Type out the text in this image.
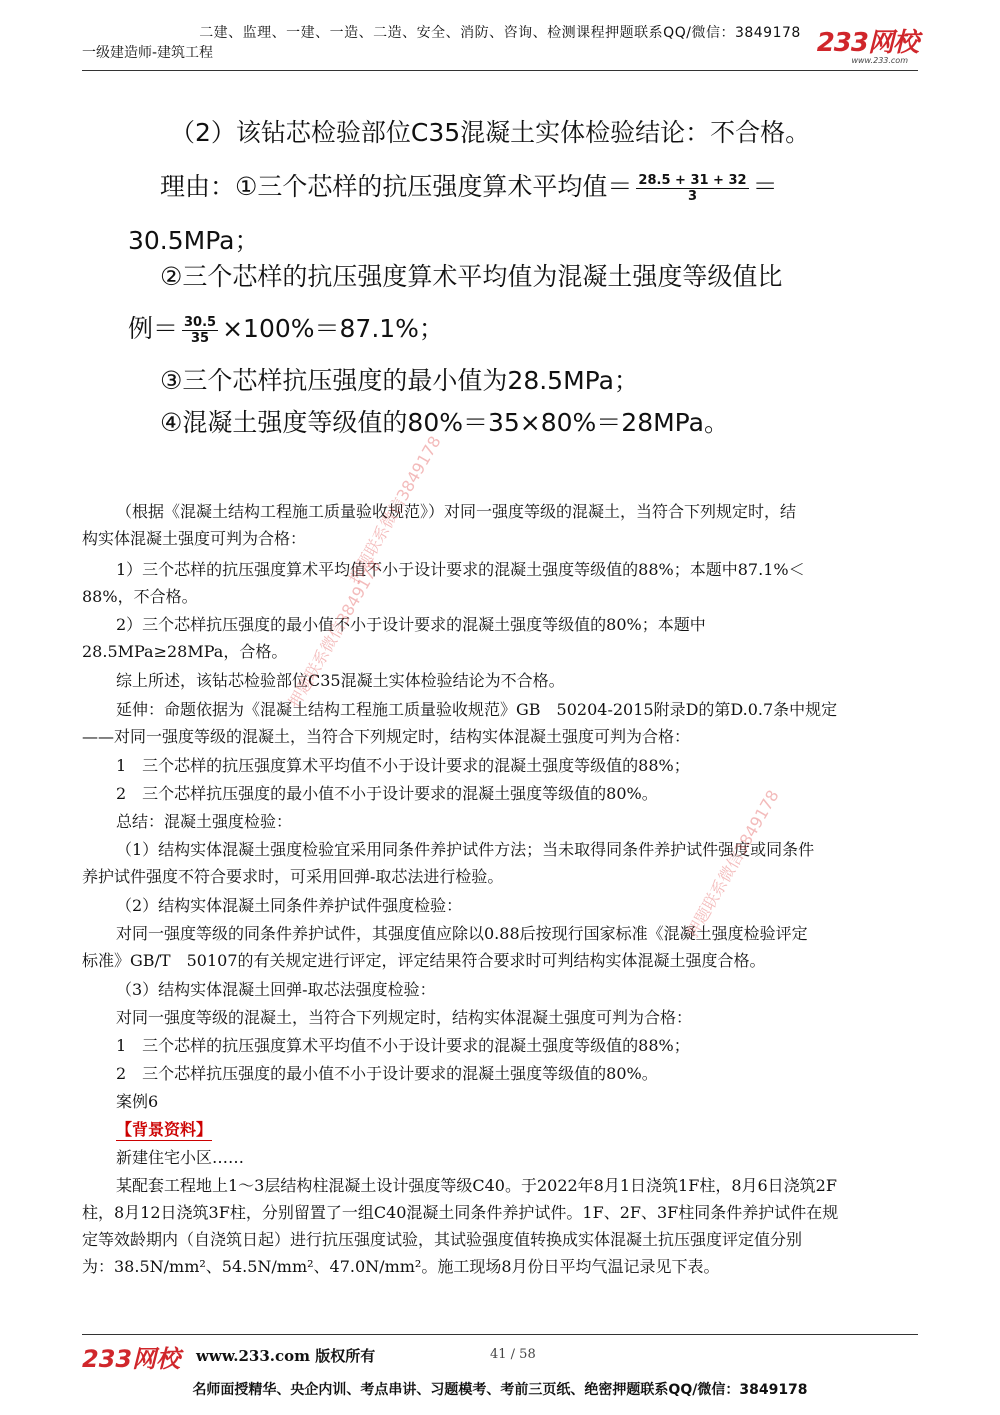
二建、监理、一建、一造、二造、安全、消防、咨询、检测课程押题联系QQ/微信：3849178
一级建造师-建筑工程	233网校
www.233.com
（2）该钻芯检验部位C35混凝土实体检验结论：不合格。
理由：①三个芯样的抗压强度算术平均值＝ $\frac{28.5 + 31 + 32}{3}$ ＝
30.5MPa；
②三个芯样的抗压强度算术平均值为混凝土强度等级值比
例＝ $\frac{30.5}{35} \times 100\%=87.1\%$；
③三个芯样抗压强度的最小值为28.5MPa；
④混凝土强度等级值的80%＝35×80%＝28MPa。
（根据《混凝土结构工程施工质量验收规范》）对同一强度等级的混凝土，当符合下列规定时，结
构实体混凝土强度可判为合格：
1）三个芯样的抗压强度算术平均值不小于设计要求的混凝土强度等级值的88%；本题中87.1%＜
88%，不合格。
2）三个芯样抗压强度的最小值不小于设计要求的混凝土强度等级值的80%；本题中
28.5MPa≥28MPa，合格。
综上所述，该钻芯检验部位C35混凝土实体检验结论为不合格。
延伸：命题依据为《混凝土结构工程施工质量验收规范》GB　50204-2015附录D的第D.0.7条中规定
——对同一强度等级的混凝土，当符合下列规定时，结构实体混凝土强度可判为合格：
1　三个芯样的抗压强度算术平均值不小于设计要求的混凝土强度等级值的88%；
2　三个芯样抗压强度的最小值不小于设计要求的混凝土强度等级值的80%。
总结：混凝土强度检验：
（1）结构实体混凝土强度检验宜采用同条件养护试件方法；当未取得同条件养护试件强度或同条件
养护试件强度不符合要求时，可采用回弹-取芯法进行检验。
（2）结构实体混凝土同条件养护试件强度检验：
对同一强度等级的同条件养护试件，其强度值应除以0.88后按现行国家标准《混凝土强度检验评定
标准》GB/T　50107的有关规定进行评定，评定结果符合要求时可判结构实体混凝土强度合格。
（3）结构实体混凝土回弹-取芯法强度检验：
对同一强度等级的混凝土，当符合下列规定时，结构实体混凝土强度可判为合格：
1　三个芯样的抗压强度算术平均值不小于设计要求的混凝土强度等级值的88%；
2　三个芯样抗压强度的最小值不小于设计要求的混凝土强度等级值的80%。
案例6
【背景资料】
新建住宅小区……
某配套工程地上1～3层结构柱混凝土设计强度等级C40。于2022年8月1日浇筑1F柱，8月6日浇筑2F
柱，8月12日浇筑3F柱，分别留置了一组C40混凝土同条件养护试件。1F、2F、3F柱同条件养护试件在规
定等效龄期内（自浇筑日起）进行抗压强度试验，其试验强度值转换成实体混凝土抗压强度评定值分别
为：38.5N/mm²、54.5N/mm²、47.0N/mm²。施工现场8月份日平均气温记录见下表。
押题联系微信3849178
押题联系微信3849178
押题联系微信3849178
233网校 www.233.com 版权所有	41 / 58
名师面授精华、央企内训、考点串讲、习题模考、考前三页纸、绝密押题联系QQ/微信：3849178
